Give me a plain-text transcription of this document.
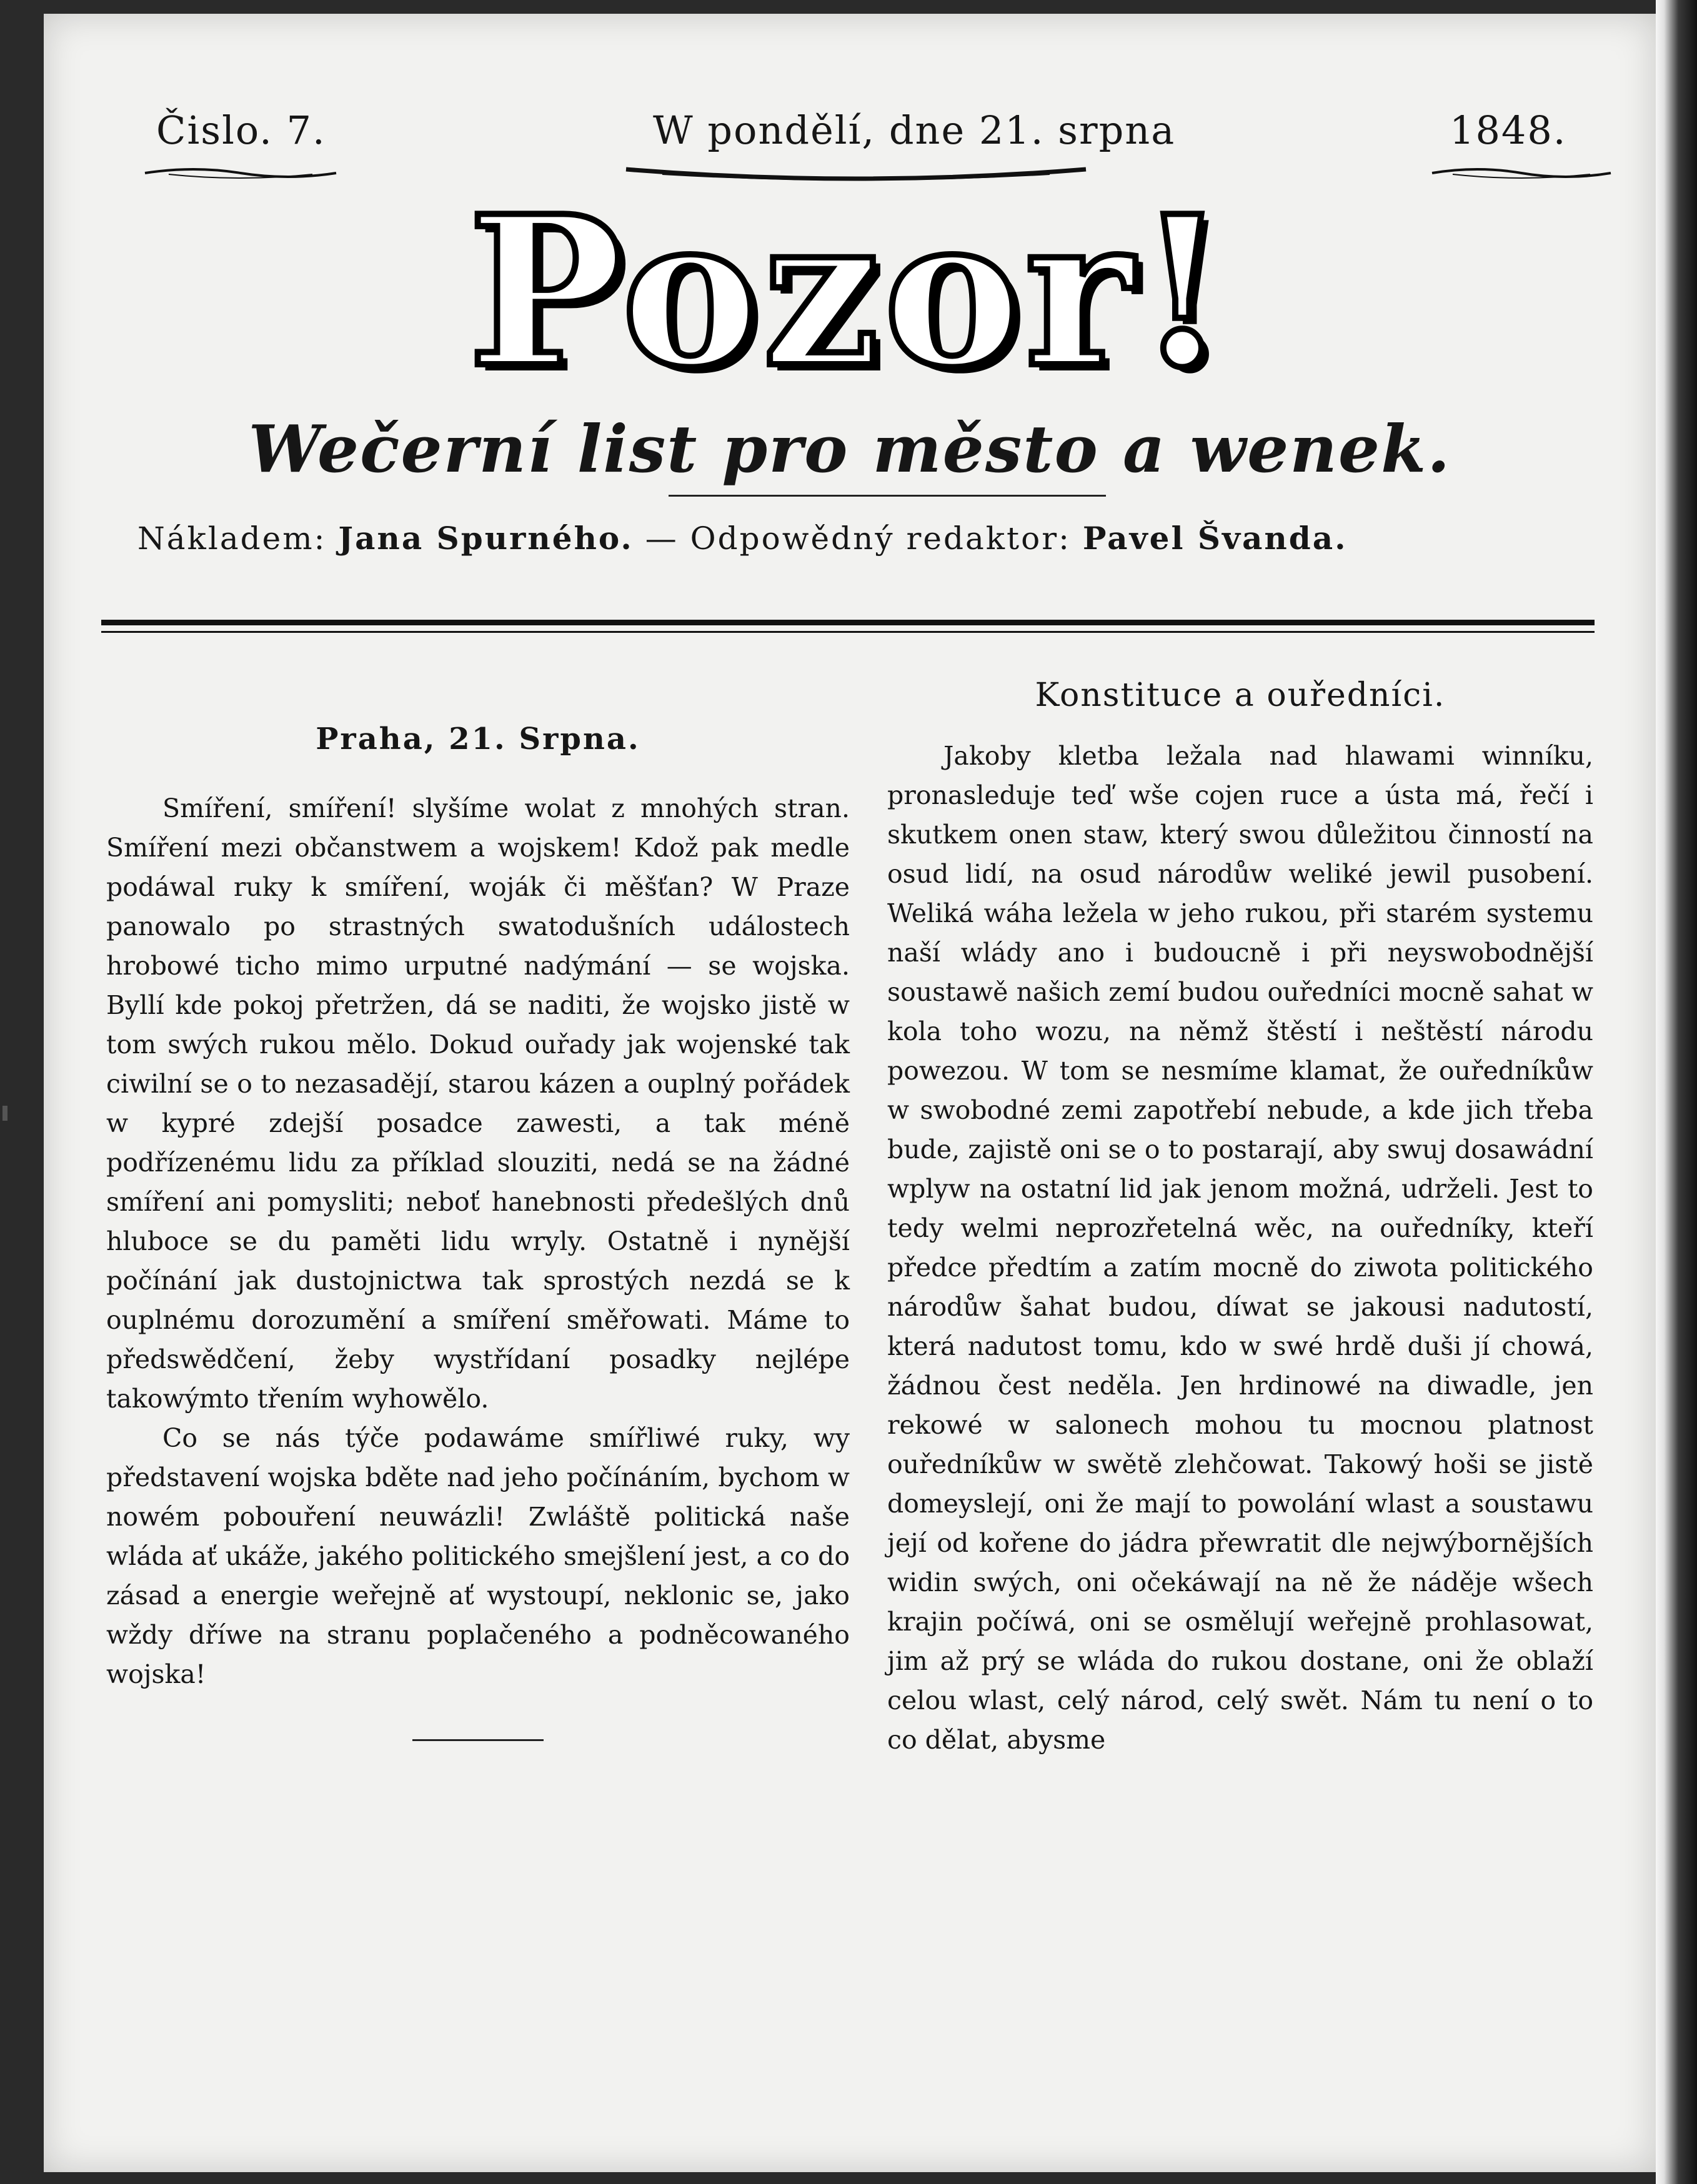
Čislo. 7.	W pondělí, dne 21. srpna	1848.
Pozor!
Wečerní list pro město a wenek.
Nákladem: Jana Spurného. — Odpowědný redaktor: Pavel Švanda.
Praha, 21. Srpna.

Smíření, smíření! slyšíme wolat z mnohých stran. Smíření mezi občanstwem a wojskem! Kdož pak medle podáwal ruky k smíření, woják či měšťan? W Praze panowalo po strastných swatodušních událostech hrobowé ticho mimo urputné nadýmání — se wojska. Byllí kde pokoj přetržen, dá se naditi, že wojsko jistě w tom swých rukou mělo. Dokud ouřady jak wojenské tak ciwilní se o to nezasadějí, starou kázen a ouplný pořádek w kypré zdejší posadce zawesti, a tak méně podřízenému lidu za příklad slouziti, nedá se na žádné smíření ani pomysliti; neboť hanebnosti předešlých dnů hluboce se du paměti lidu wryly. Ostatně i nynější počínání jak dustojnictwa tak sprostých nezdá se k ouplnému dorozumění a smíření směřowati. Máme to předswědčení, žeby wystřídaní posadky nejlépe takowýmto třením wyhowělo.

Co se nás týče podawáme smířliwé ruky, wy představení wojska bděte nad jeho počínáním, bychom w nowém pobouření neuwázli! Zwláště politická naše wláda ať ukáže, jakého politického smejšlení jest, a co do zásad a energie weřejně ať wystoupí, neklonic se, jako wždy dříwe na stranu poplačeného a podněcowaného wojska!

Konstituce a ouředníci.

Jakoby kletba ležala nad hlawami winníku, pronasleduje teď wše cojen ruce a ústa má, řečí i skutkem onen staw, který swou důležitou činností na osud lidí, na osud národůw weliké jewil pusobení. Weliká wáha ležela w jeho rukou, při starém systemu naší wlády ano i budoucně i při neyswobodnější soustawě našich zemí budou ouředníci mocně sahat w kola toho wozu, na němž štěstí i neštěstí národu powezou. W tom se nesmíme klamat, že ouředníkůw w swobodné zemi zapotřebí nebude, a kde jich třeba bude, zajistě oni se o to postarají, aby swuj dosawádní wplyw na ostatní lid jak jenom možná, udrželi. Jest to tedy welmi neprozřetelná wěc, na ouředníky, kteří předce předtím a zatím mocně do ziwota politického národůw šahat budou, díwat se jakousi nadutostí, která nadutost tomu, kdo w swé hrdě duši jí chowá, žádnou čest neděla. Jen hrdinowé na diwadle, jen rekowé w salonech mohou tu mocnou platnost ouředníkůw w swětě zlehčowat. Takowý hoši se jistě domeyslejí, oni že mají to powolání wlast a soustawu její od kořene do jádra přewratit dle nejwýbornějších widin swých, oni očekáwají na ně že náděje wšech krajin počíwá, oni se osmělují weřejně prohlasowat, jim až prý se wláda do rukou dostane, oni že oblaží celou wlast, celý národ, celý swět. Nám tu není o to co dělat, abysme
